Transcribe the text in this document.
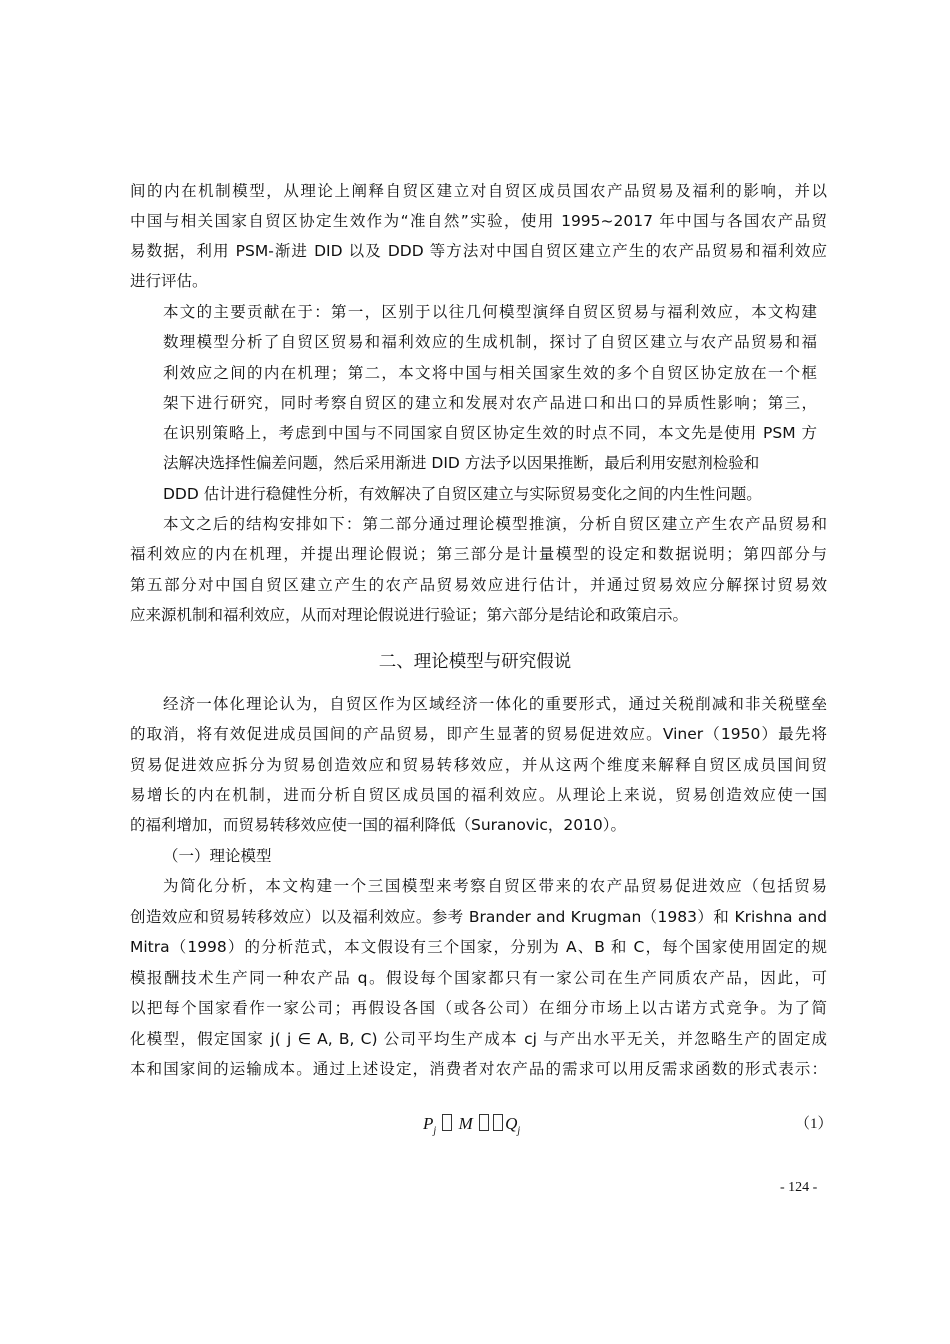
间的内在机制模型，从理论上阐释自贸区建立对自贸区成员国农产品贸易及福利的影响，并以
中国与相关国家自贸区协定生效作为“准自然”实验，使用 1995~2017 年中国与各国农产品贸
易数据，利用 PSM-渐进 DID 以及 DDD 等方法对中国自贸区建立产生的农产品贸易和福利效应
进行评估。
本文的主要贡献在于：第一，区别于以往几何模型演绎自贸区贸易与福利效应，本文构建
数理模型分析了自贸区贸易和福利效应的生成机制，探讨了自贸区建立与农产品贸易和福
利效应之间的内在机理；第二，本文将中国与相关国家生效的多个自贸区协定放在一个框
架下进行研究，同时考察自贸区的建立和发展对农产品进口和出口的异质性影响；第三，
在识别策略上，考虑到中国与不同国家自贸区协定生效的时点不同，本文先是使用 PSM 方
法解决选择性偏差问题，然后采用渐进 DID 方法予以因果推断，最后利用安慰剂检验和
DDD 估计进行稳健性分析，有效解决了自贸区建立与实际贸易变化之间的内生性问题。
本文之后的结构安排如下：第二部分通过理论模型推演，分析自贸区建立产生农产品贸易和
福利效应的内在机理，并提出理论假说；第三部分是计量模型的设定和数据说明；第四部分与
第五部分对中国自贸区建立产生的农产品贸易效应进行估计，并通过贸易效应分解探讨贸易效
应来源机制和福利效应，从而对理论假说进行验证；第六部分是结论和政策启示。
二、理论模型与研究假说
经济一体化理论认为，自贸区作为区域经济一体化的重要形式，通过关税削减和非关税壁垒
的取消，将有效促进成员国间的产品贸易，即产生显著的贸易促进效应。Viner（1950）最先将
贸易促进效应拆分为贸易创造效应和贸易转移效应，并从这两个维度来解释自贸区成员国间贸
易增长的内在机制，进而分析自贸区成员国的福利效应。从理论上来说，贸易创造效应使一国
的福利增加，而贸易转移效应使一国的福利降低（Suranovic，2010）。
（一）理论模型
为简化分析，本文构建一个三国模型来考察自贸区带来的农产品贸易促进效应（包括贸易
创造效应和贸易转移效应）以及福利效应。参考 Brander and Krugman（1983）和 Krishna and
Mitra（1998）的分析范式，本文假设有三个国家，分别为 A、B 和 C，每个国家使用固定的规
模报酬技术生产同一种农产品 q。假设每个国家都只有一家公司在生产同质农产品，因此，可
以把每个国家看作一家公司；再假设各国（或各公司）在细分市场上以古诺方式竞争。为了简
化模型，假定国家 j( j ∈ A, B, C) 公司平均生产成本 cj 与产出水平无关，并忽略生产的固定成
本和国家间的运输成本。通过上述设定，消费者对农产品的需求可以用反需求函数的形式表示：
$P_j$ M $Q_j$	（1）
- 124 -
